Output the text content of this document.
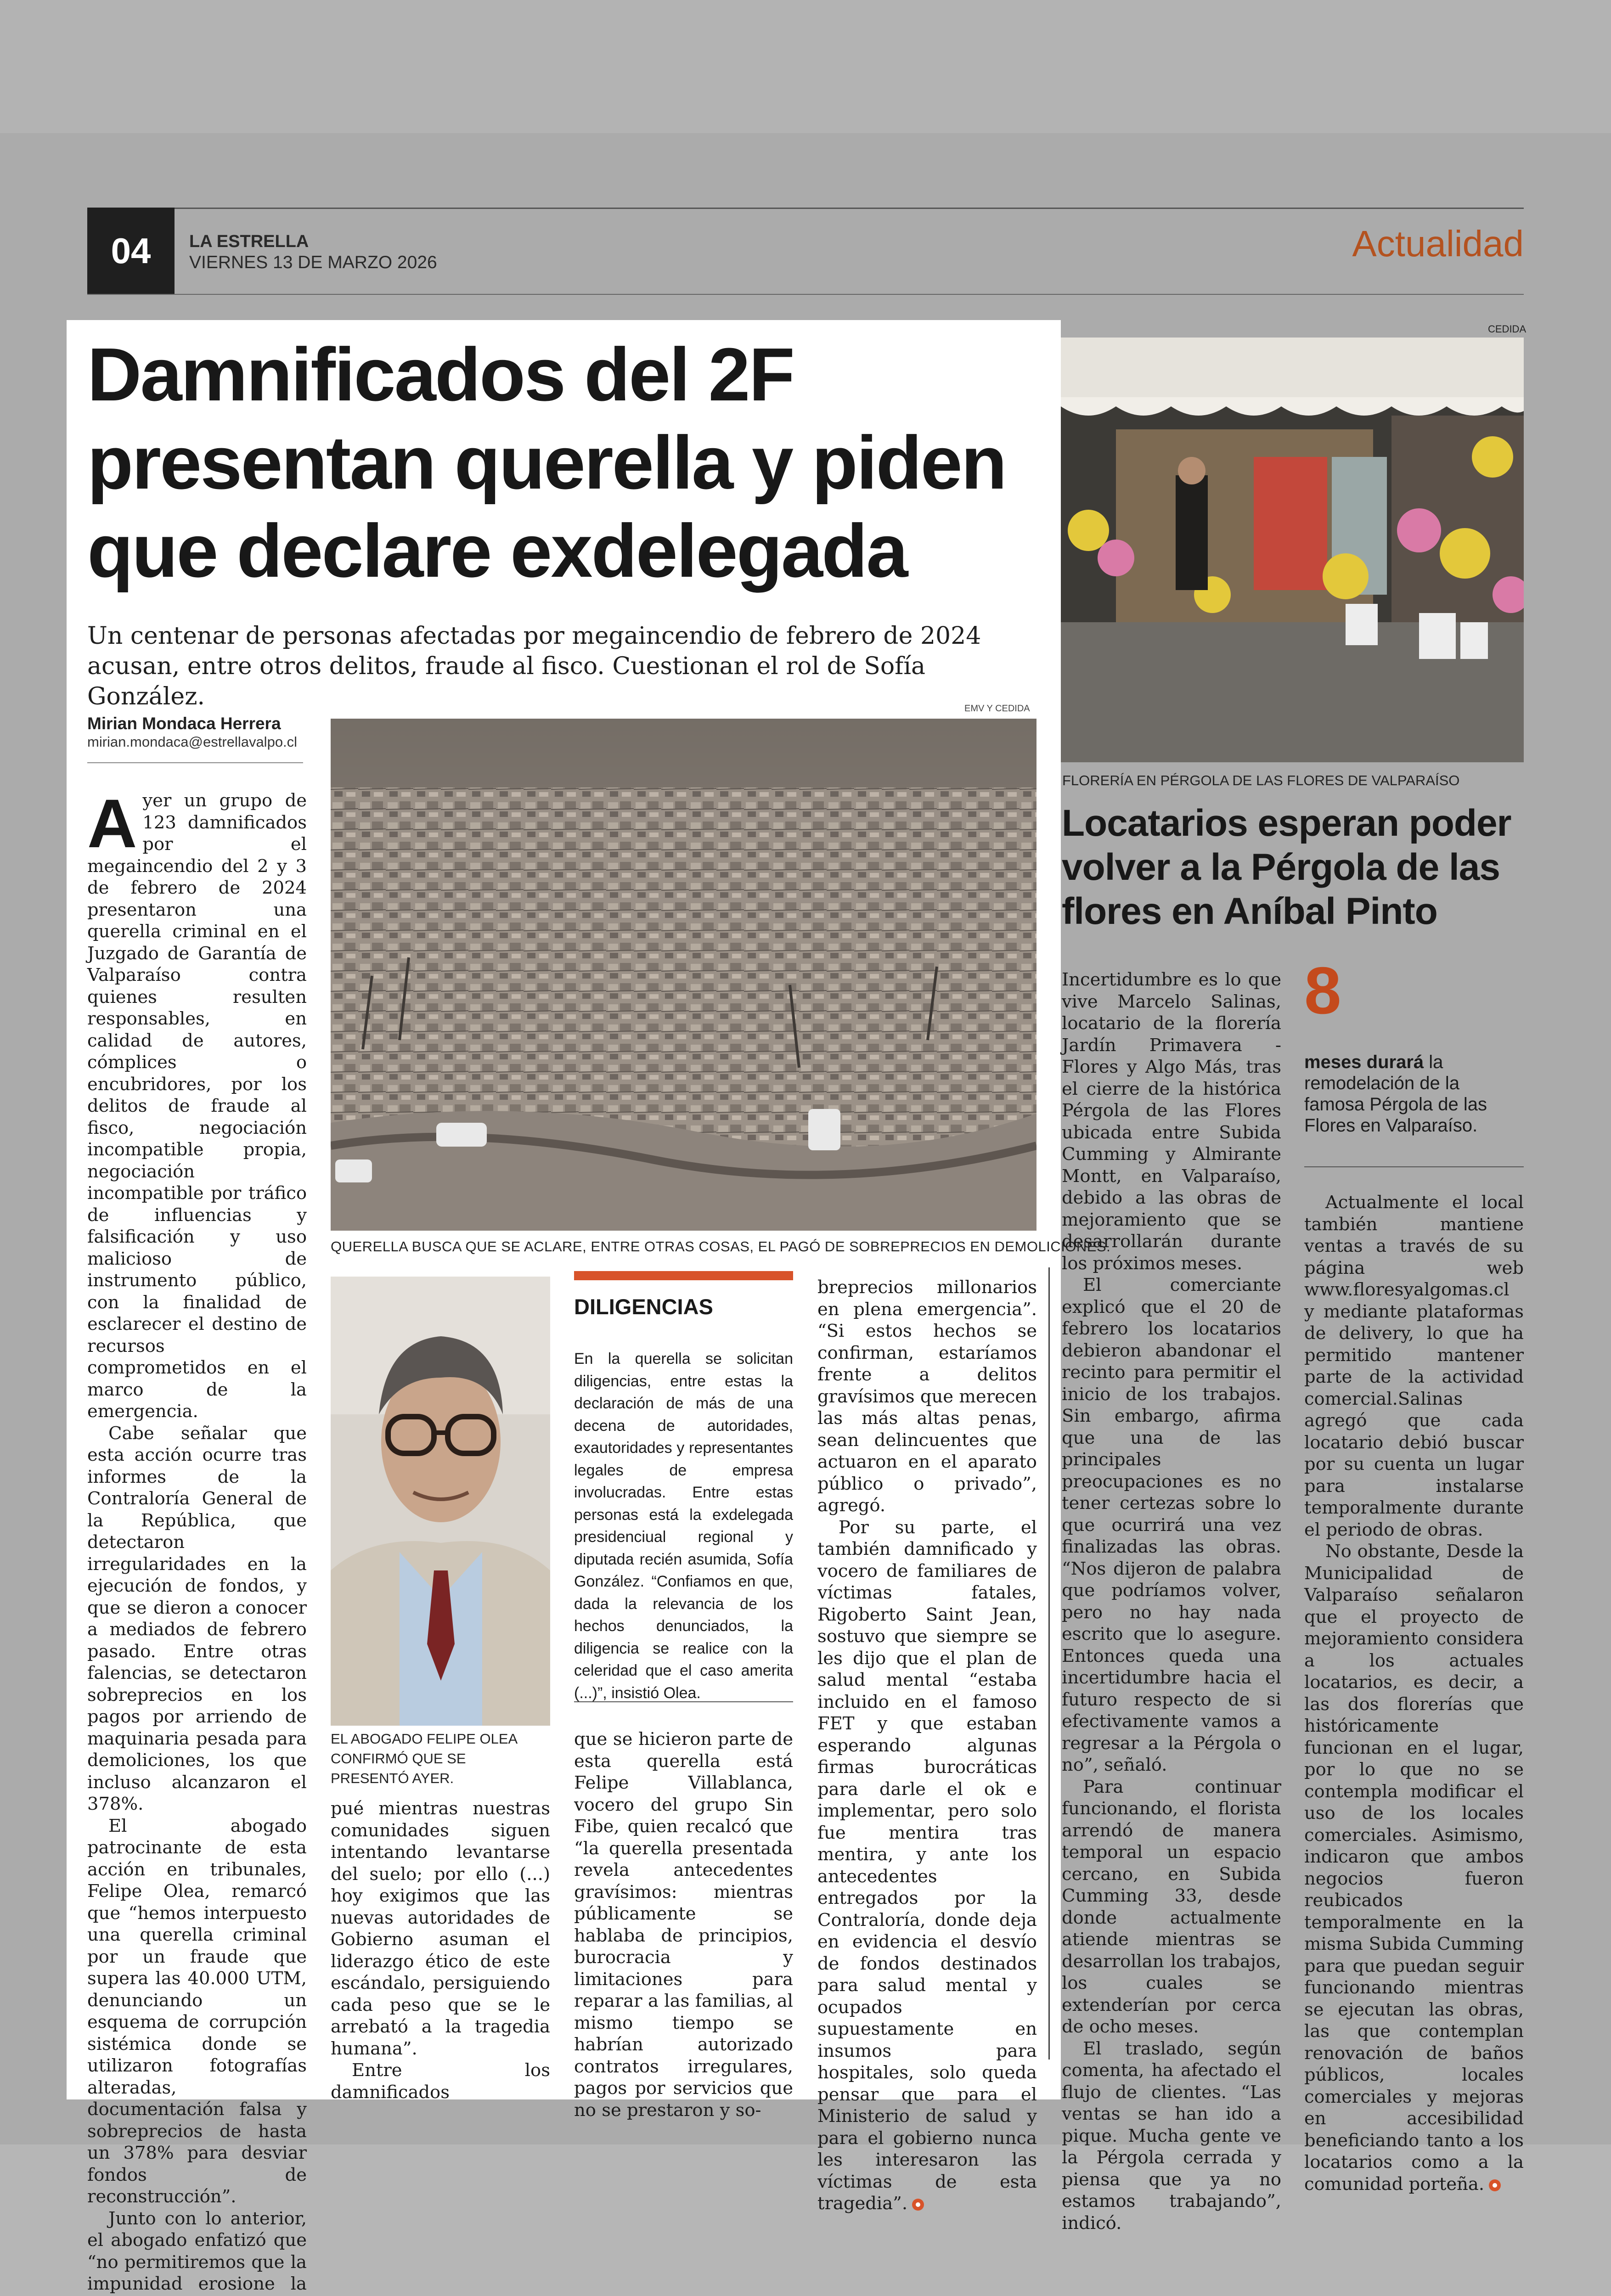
04	LA ESTRELLA
VIERNES 13 DE MARZO 2026	Actualidad
Damnificados del 2F presentan querella y piden que declare exdelegada

Un centenar de personas afectadas por megaincendio de febrero de 2024 acusan, entre otros delitos, fraude al fisco. Cuestionan el rol de Sofía González.

Mirian Mondaca Herrera
mirian.mondaca@estrellavalpo.cl
EMV Y CEDIDA
QUERELLA BUSCA QUE SE ACLARE, ENTRE OTRAS COSAS, EL PAGÓ DE SOBREPRECIOS EN DEMOLICIONES.

Ayer un grupo de 123 damnificados por el megaincendio del 2 y 3 de febrero de 2024 presentaron una querella criminal en el Juzgado de Garantía de Valparaíso contra quienes resulten responsables, en calidad de autores, cómplices o encubridores, por los delitos de fraude al fisco, negociación incompatible propia, negociación incompatible por tráfico de influencias y falsificación y uso malicioso de instrumento público, con la finalidad de esclarecer el destino de recursos comprometidos en el marco de la emergencia.

Cabe señalar que esta acción ocurre tras informes de la Contraloría General de la República, que detectaron irregularidades en la ejecución de fondos, y que se dieron a conocer a mediados de febrero pasado. Entre otras falencias, se detectaron sobreprecios en los pagos por arriendo de maquinaria pesada para demoliciones, los que incluso alcanzaron el 378%.

El abogado patrocinante de esta acción en tribunales, Felipe Olea, remarcó que “hemos interpuesto una querella criminal por un fraude que supera las 40.000 UTM, denunciando un esquema de corrupción sistémica donde se utilizaron fotografías alteradas, documentación falsa y sobreprecios de hasta un 378% para desviar fondos de reconstrucción”.

Junto con lo anterior, el abogado enfatizó que “no permitiremos que la impunidad erosione la

EL ABOGADO FELIPE OLEA CONFIRMÓ QUE SE PRESENTÓ AYER.

pué mientras nuestras comunidades siguen intentando levantarse del suelo; por ello (...) hoy exigimos que las nuevas autoridades de Gobierno asuman el liderazgo ético de este escándalo, persiguiendo cada peso que se le arrebató a la tragedia humana”.

Entre los damnificados

DILIGENCIAS

En la querella se solicitan diligencias, entre estas la declaración de más de una decena de autoridades, exautoridades y representantes legales de empresa involucradas. Entre estas personas está la exdelegada presidenciual regional y diputada recién asumida, Sofía González. “Confiamos en que, dada la relevancia de los hechos denunciados, la diligencia se realice con la celeridad que el caso amerita (...)”, insistió Olea.

que se hicieron parte de esta querella está Felipe Villablanca, vocero del grupo Sin Fibe, quien recalcó que “la querella presentada revela antecedentes gravísimos: mientras públicamente se hablaba de principios, burocracia y limitaciones para reparar a las familias, al mismo tiempo se habrían autorizado contratos irregulares, pagos por servicios que no se prestaron y so-

breprecios millonarios en plena emergencia”. “Si estos hechos se confirman, estaríamos frente a delitos gravísimos que merecen las más altas penas, sean delincuentes que actuaron en el aparato público o privado”, agregó.

Por su parte, el también damnificado y vocero de familiares de víctimas fatales, Rigoberto Saint Jean, sostuvo que siempre se les dijo que el plan de salud mental “estaba incluido en el famoso FET y que estaban esperando algunas firmas burocráticas para darle el ok e implementar, pero solo fue mentira tras mentira, y ante los antecedentes entregados por la Contraloría, donde deja en evidencia el desvío de fondos destinados para salud mental y ocupados supuestamente en insumos para hospitales, solo queda pensar que para el Ministerio de salud y para el gobierno nunca les interesaron las víctimas de esta tragedia”.

CEDIDA
FLORERÍA EN PÉRGOLA DE LAS FLORES DE VALPARAÍSO
Locatarios esperan poder volver a la Pérgola de las flores en Aníbal Pinto

Incertidumbre es lo que vive Marcelo Salinas, locatario de la florería Jardín Primavera - Flores y Algo Más, tras el cierre de la histórica Pérgola de las Flores ubicada entre Subida Cumming y Almirante Montt, en Valparaíso, debido a las obras de mejoramiento que se desarrollarán durante los próximos meses.

El comerciante explicó que el 20 de febrero los locatarios debieron abandonar el recinto para permitir el inicio de los trabajos. Sin embargo, afirma que una de las principales preocupaciones es no tener certezas sobre lo que ocurrirá una vez finalizadas las obras. “Nos dijeron de palabra que podríamos volver, pero no hay nada escrito que lo asegure. Entonces queda una incertidumbre hacia el futuro respecto de si efectivamente vamos a regresar a la Pérgola o no”, señaló.

Para continuar funcionando, el florista arrendó de manera temporal un espacio cercano, en Subida Cumming 33, desde donde actualmente atiende mientras se desarrollan los trabajos, los cuales se extenderían por cerca de ocho meses.

El traslado, según comenta, ha afectado el flujo de clientes. “Las ventas se han ido a pique. Mucha gente ve la Pérgola cerrada y piensa que ya no estamos trabajando”, indicó.

8

meses durará la remodelación de la famosa Pérgola de las Flores en Valparaíso.

Actualmente el local también mantiene ventas a través de su página web www.floresyalgomas.cl y mediante plataformas de delivery, lo que ha permitido mantener parte de la actividad comercial.Salinas agregó que cada locatario debió buscar por su cuenta un lugar para instalarse temporalmente durante el periodo de obras.

No obstante, Desde la Municipalidad de Valparaíso señalaron que el proyecto de mejoramiento considera a los actuales locatarios, es decir, a las dos florerías que históricamente funcionan en el lugar, por lo que no se contempla modificar el uso de los locales comerciales. Asimismo, indicaron que ambos negocios fueron reubicados temporalmente en la misma Subida Cumming para que puedan seguir funcionando mientras se ejecutan las obras, las que contemplan renovación de baños públicos, locales comerciales y mejoras en accesibilidad beneficiando tanto a los locatarios como a la comunidad porteña.
